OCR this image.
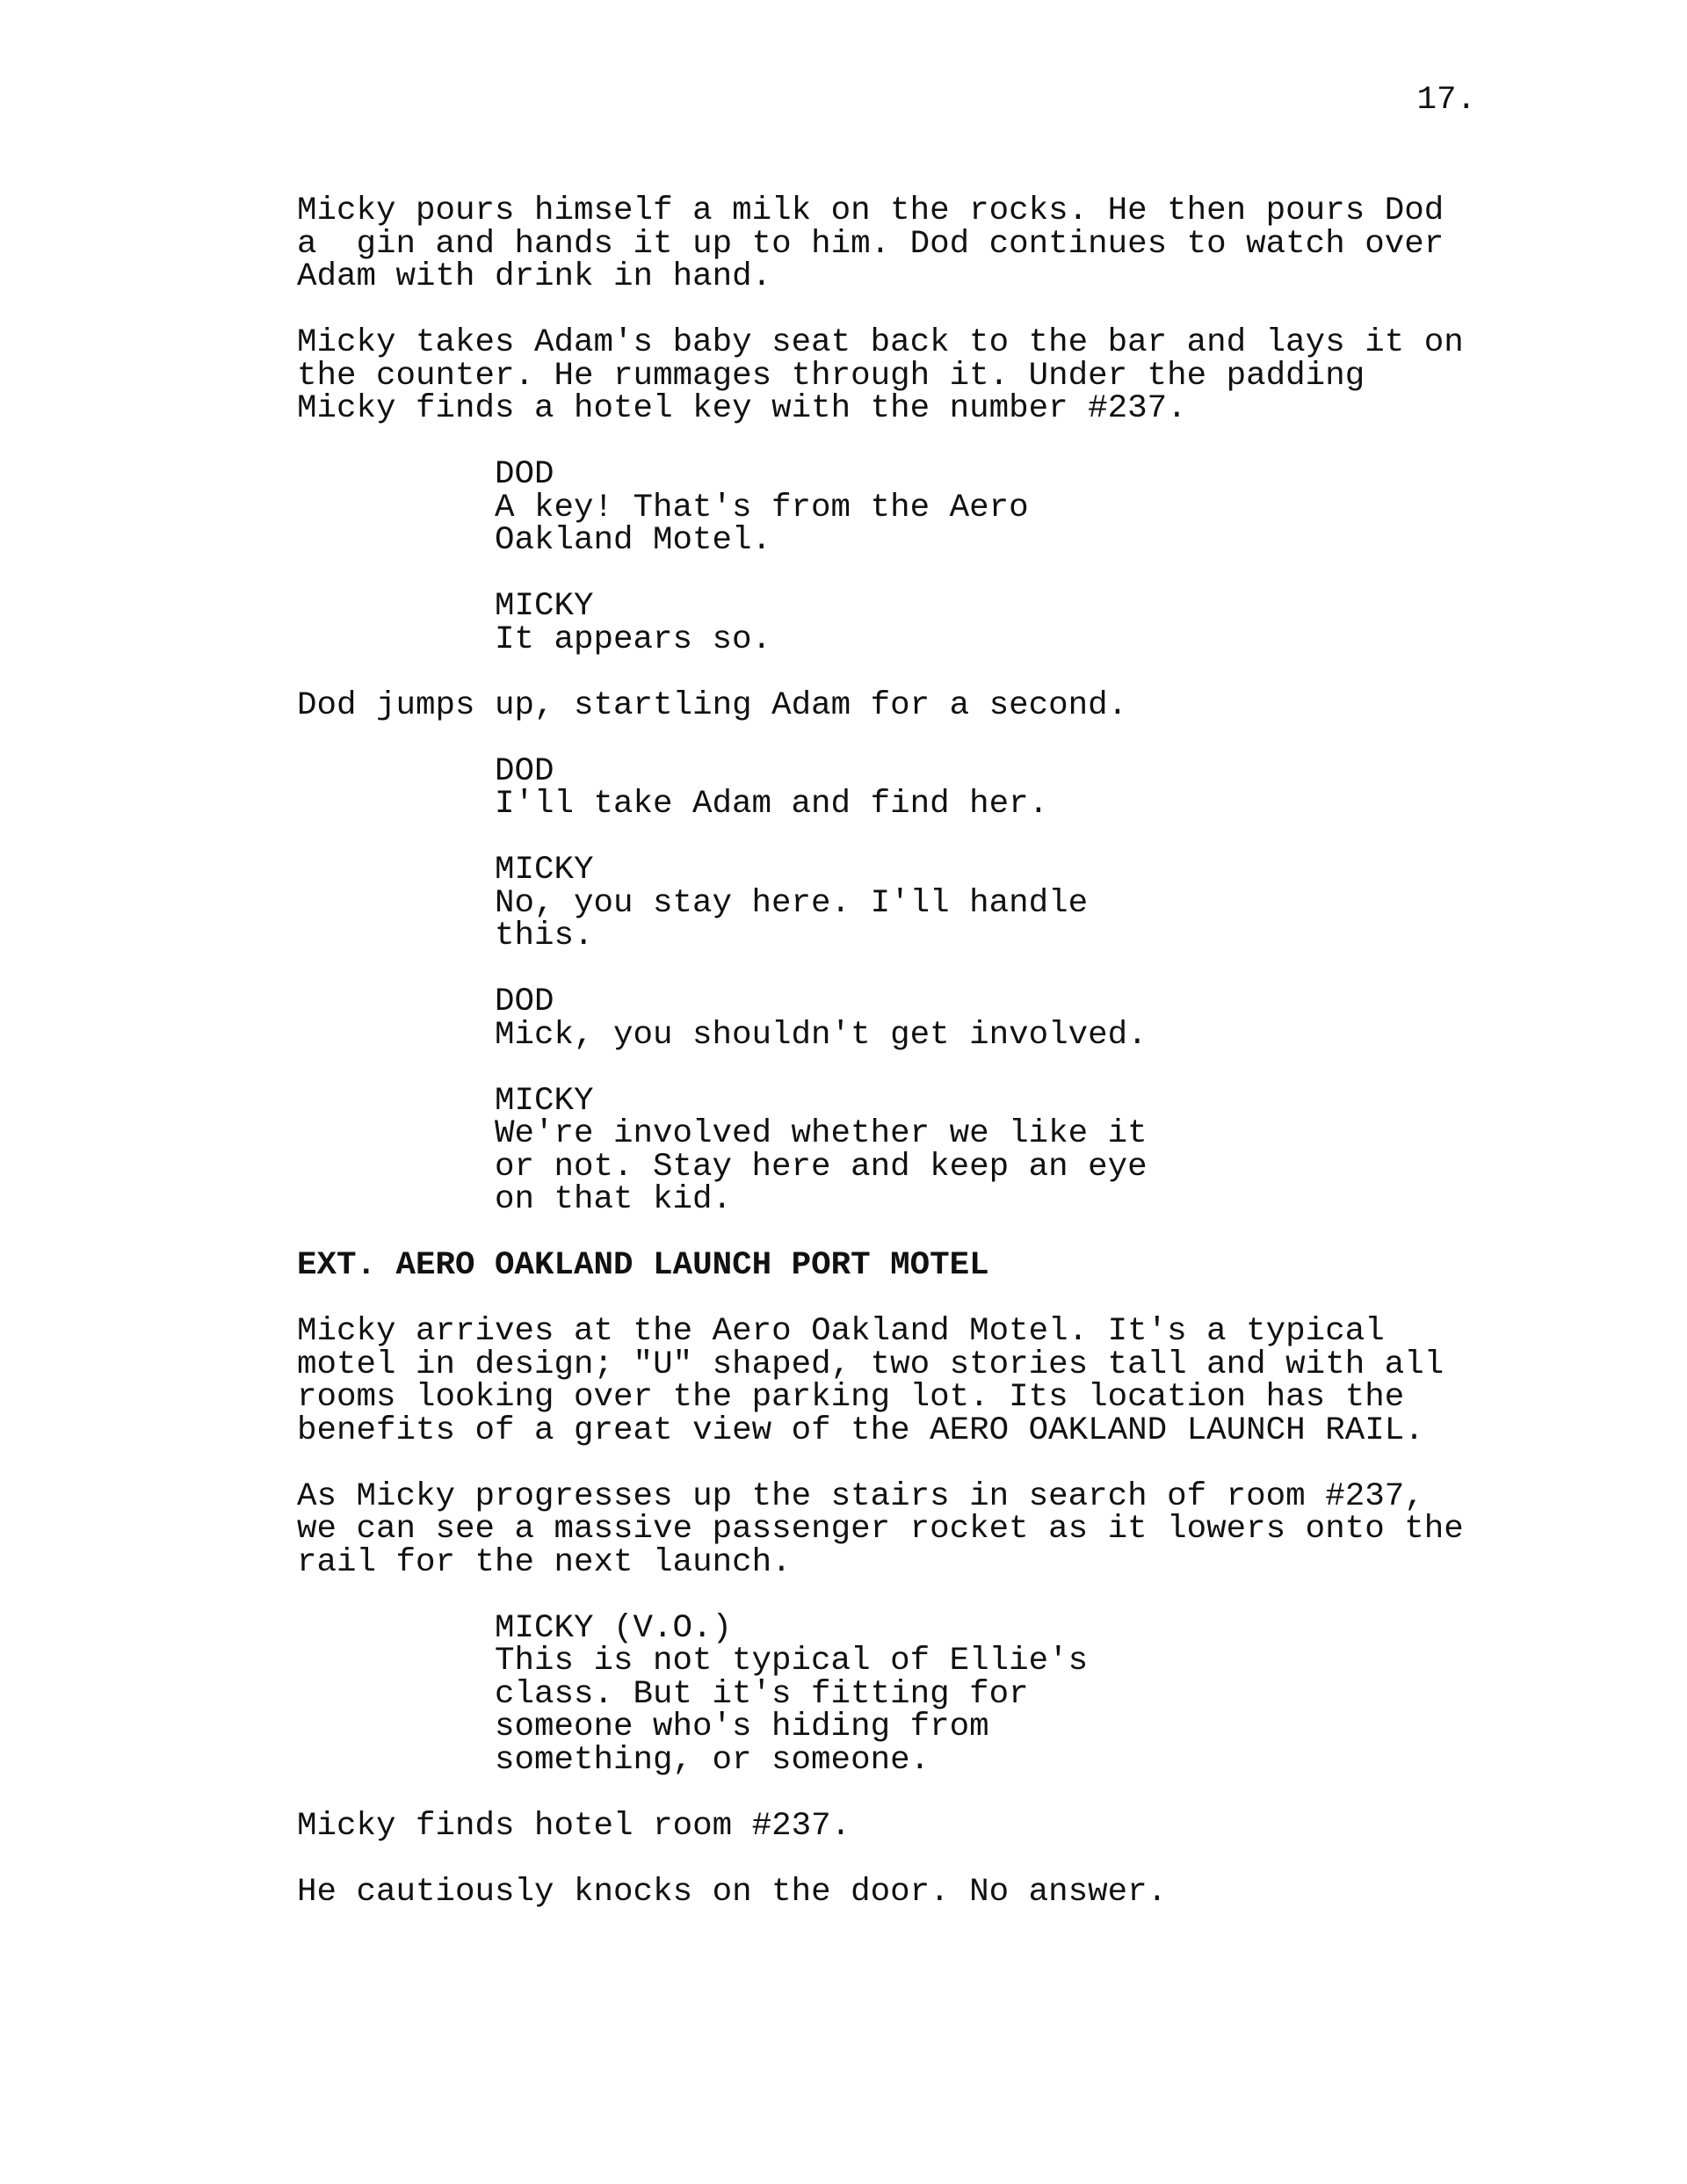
17.
Micky pours himself a milk on the rocks. He then pours Dod
a  gin and hands it up to him. Dod continues to watch over
Adam with drink in hand.
Micky takes Adam's baby seat back to the bar and lays it on
the counter. He rummages through it. Under the padding
Micky finds a hotel key with the number #237.
DOD
A key! That's from the Aero
Oakland Motel.
MICKY
It appears so.
Dod jumps up, startling Adam for a second.
DOD
I'll take Adam and find her.
MICKY
No, you stay here. I'll handle
this.
DOD
Mick, you shouldn't get involved.
MICKY
We're involved whether we like it
or not. Stay here and keep an eye
on that kid.
EXT. AERO OAKLAND LAUNCH PORT MOTEL
Micky arrives at the Aero Oakland Motel. It's a typical
motel in design; "U" shaped, two stories tall and with all
rooms looking over the parking lot. Its location has the
benefits of a great view of the AERO OAKLAND LAUNCH RAIL.
As Micky progresses up the stairs in search of room #237,
we can see a massive passenger rocket as it lowers onto the
rail for the next launch.
MICKY (V.O.)
This is not typical of Ellie's
class. But it's fitting for
someone who's hiding from
something, or someone.
Micky finds hotel room #237.
He cautiously knocks on the door. No answer.
